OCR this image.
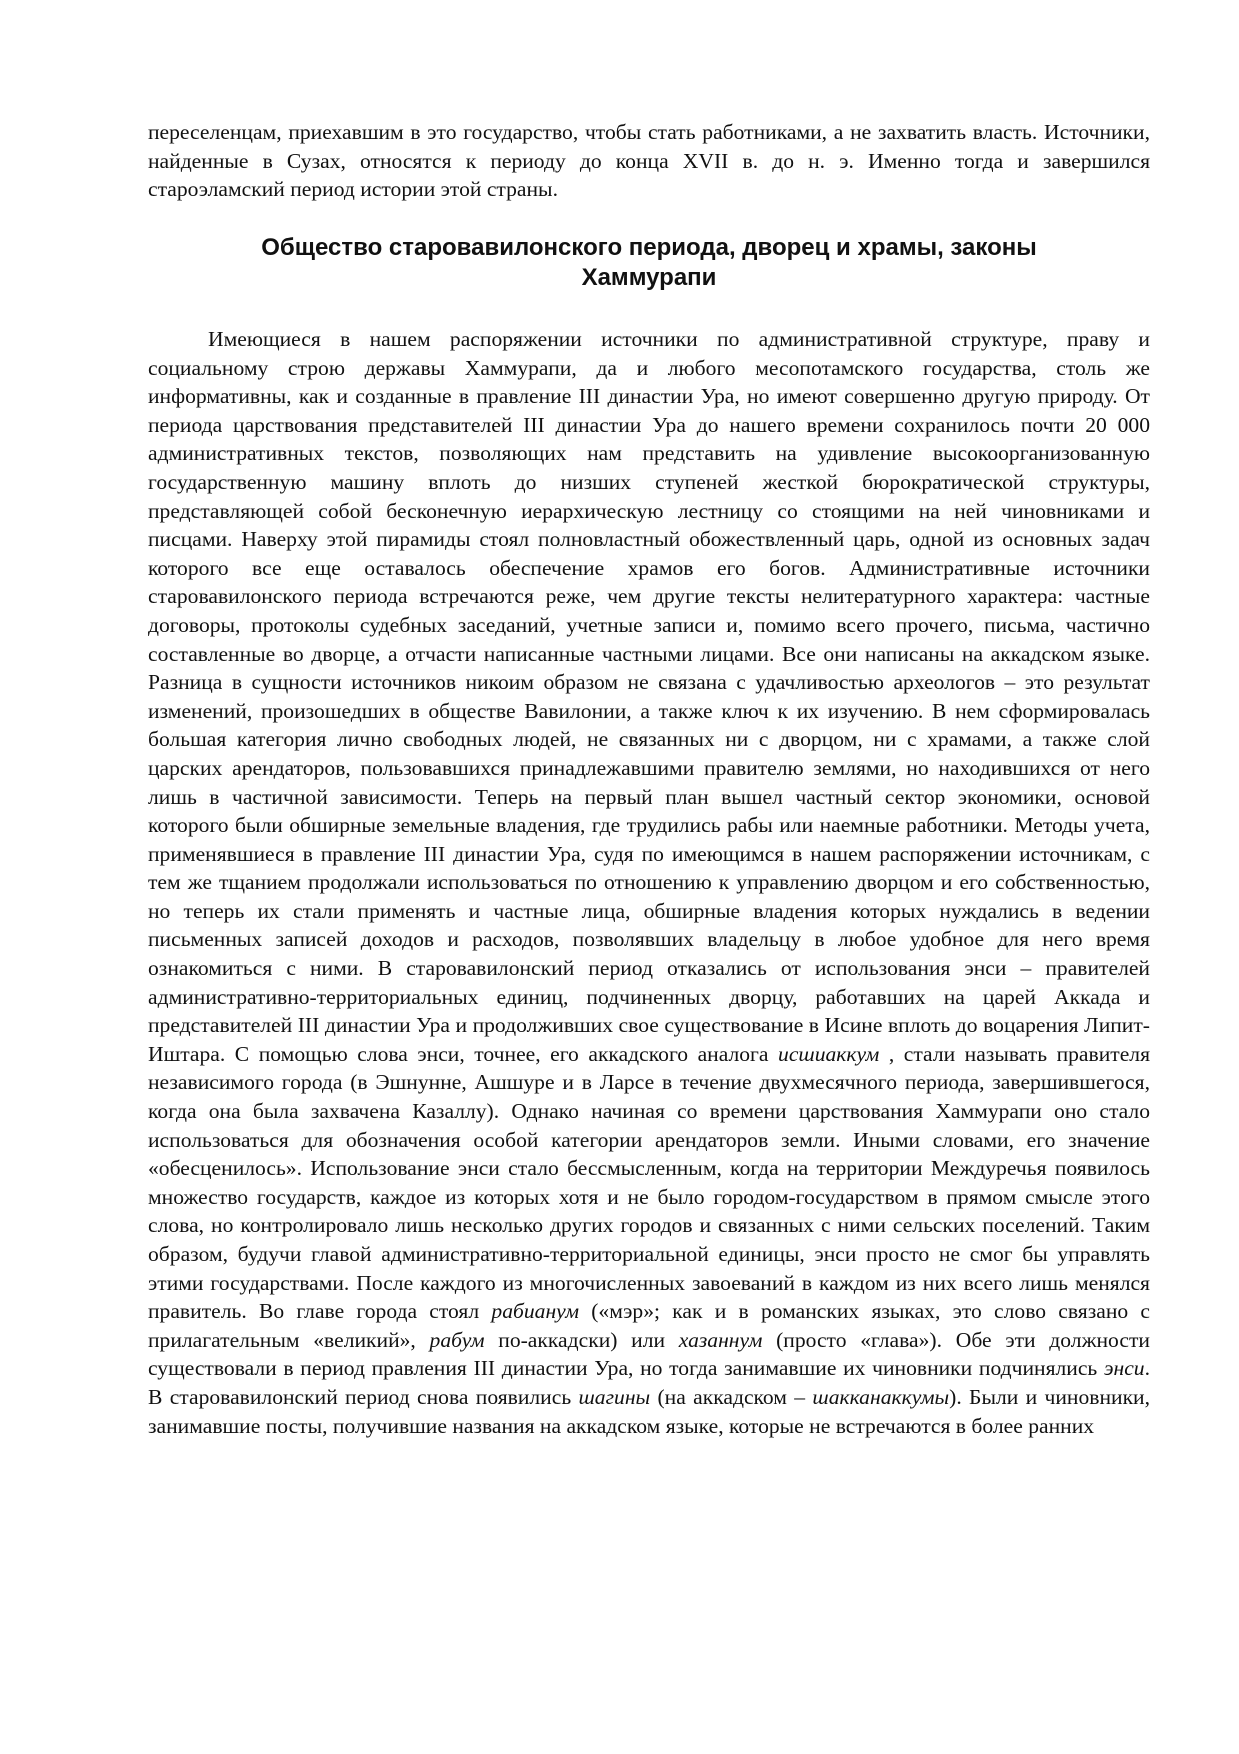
переселенцам, приехавшим в это государство, чтобы стать работниками, а не захватить власть. Источники, найденные в Сузах, относятся к периоду до конца XVII в. до н. э. Именно тогда и завершился староэламский период истории этой страны.

Общество старовавилонского периода, дворец и храмы, законы
Хаммурапи

Имеющиеся в нашем распоряжении источники по административной структуре, праву и социальному строю державы Хаммурапи, да и любого месопотамского государства, столь же информативны, как и созданные в правление III династии Ура, но имеют совершенно другую природу. От периода царствования представителей III династии Ура до нашего времени сохранилось почти 20 000 административных текстов, позволяющих нам представить на удивление высокоорганизованную государственную машину вплоть до низших ступеней жесткой бюрократической структуры, представляющей собой бесконечную иерархическую лестницу со стоящими на ней чиновниками и писцами. Наверху этой пирамиды стоял полновластный обожествленный царь, одной из основных задач которого все еще оставалось обеспечение храмов его богов. Административные источники старовавилонского периода встречаются реже, чем другие тексты нелитературного характера: частные договоры, протоколы судебных заседаний, учетные записи и, помимо всего прочего, письма, частично составленные во дворце, а отчасти написанные частными лицами. Все они написаны на аккадском языке. Разница в сущности источников никоим образом не связана с удачливостью археологов – это результат изменений, произошедших в обществе Вавилонии, а также ключ к их изучению. В нем сформировалась большая категория лично свободных людей, не связанных ни с дворцом, ни с храмами, а также слой царских арендаторов, пользовавшихся принадлежавшими правителю землями, но находившихся от него лишь в частичной зависимости. Теперь на первый план вышел частный сектор экономики, основой которого были обширные земельные владения, где трудились рабы или наемные работники. Методы учета, применявшиеся в правление III династии Ура, судя по имеющимся в нашем распоряжении источникам, с тем же тщанием продолжали использоваться по отношению к управлению дворцом и его собственностью, но теперь их стали применять и частные лица, обширные владения которых нуждались в ведении письменных записей доходов и расходов, позволявших владельцу в любое удобное для него время ознакомиться с ними. В старовавилонский период отказались от использования энси – правителей административно-территориальных единиц, подчиненных дворцу, работавших на царей Аккада и представителей III династии Ура и продолживших свое существование в Исине вплоть до воцарения Липит-Иштара. С помощью слова энси, точнее, его аккадского аналога исшиаккум , стали называть правителя независимого города (в Эшнунне, Ашшуре и в Ларсе в течение двухмесячного периода, завершившегося, когда она была захвачена Казаллу). Однако начиная со времени царствования Хаммурапи оно стало использоваться для обозначения особой категории арендаторов земли. Иными словами, его значение «обесценилось». Использование энси стало бессмысленным, когда на территории Междуречья появилось множество государств, каждое из которых хотя и не было городом-государством в прямом смысле этого слова, но контролировало лишь несколько других городов и связанных с ними сельских поселений. Таким образом, будучи главой административно-территориальной единицы, энси просто не смог бы управлять этими государствами. После каждого из многочисленных завоеваний в каждом из них всего лишь менялся правитель. Во главе города стоял рабианум («мэр»; как и в романских языках, это слово связано с прилагательным «великий», рабум по-аккадски) или хазаннум (просто «глава»). Обе эти должности существовали в период правления III династии Ура, но тогда занимавшие их чиновники подчинялись энси. В старовавилонский период снова появились шагины (на аккадском – шакканаккумы). Были и чиновники, занимавшие посты, получившие названия на аккадском языке, которые не встречаются в более ранних
